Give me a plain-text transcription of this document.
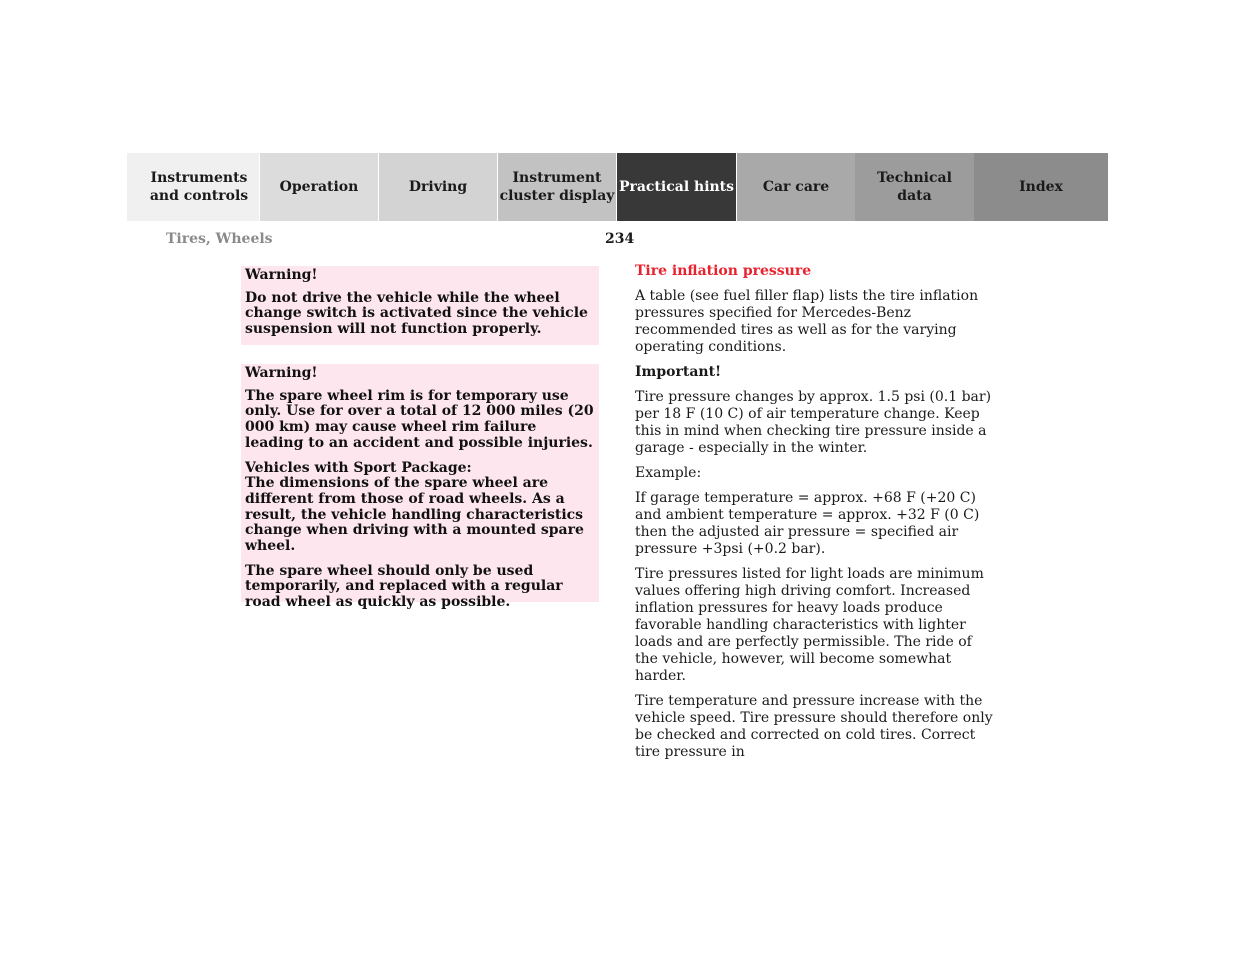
Instruments
and controls
Operation	Driving
Instrument
cluster display
Practical hints	Car care
Technical
data
Index
Tires, Wheels	234

Warning!

Do not drive the vehicle while the wheel change switch is activated since the vehicle suspension will not function properly.

Warning!

The spare wheel rim is for temporary use only. Use for over a total of 12 000 miles (20 000 km) may cause wheel rim failure leading to an accident and possible injuries.

Vehicles with Sport Package:

The dimensions of the spare wheel are different from those of road wheels. As a result, the vehicle handling characteristics change when driving with a mounted spare wheel.

The spare wheel should only be used temporarily, and replaced with a regular road wheel as quickly as possible.

Tire inflation pressure

A table (see fuel filler flap) lists the tire inflation pressures specified for Mercedes-Benz recommended tires as well as for the varying operating conditions.

Important!

Tire pressure changes by approx. 1.5 psi (0.1 bar) per 18 F (10 C) of air temperature change. Keep this in mind when checking tire pressure inside a garage - especially in the winter.

Example:

If garage temperature = approx. +68 F (+20 C) and ambient temperature = approx. +32 F (0 C) then the adjusted air pressure = specified air pressure +3psi (+0.2 bar).

Tire pressures listed for light loads are minimum values offering high driving comfort. Increased inflation pressures for heavy loads produce favorable handling characteristics with lighter loads and are perfectly permissible. The ride of the vehicle, however, will become somewhat harder.

Tire temperature and pressure increase with the vehicle speed. Tire pressure should therefore only be checked and corrected on cold tires. Correct tire pressure in
